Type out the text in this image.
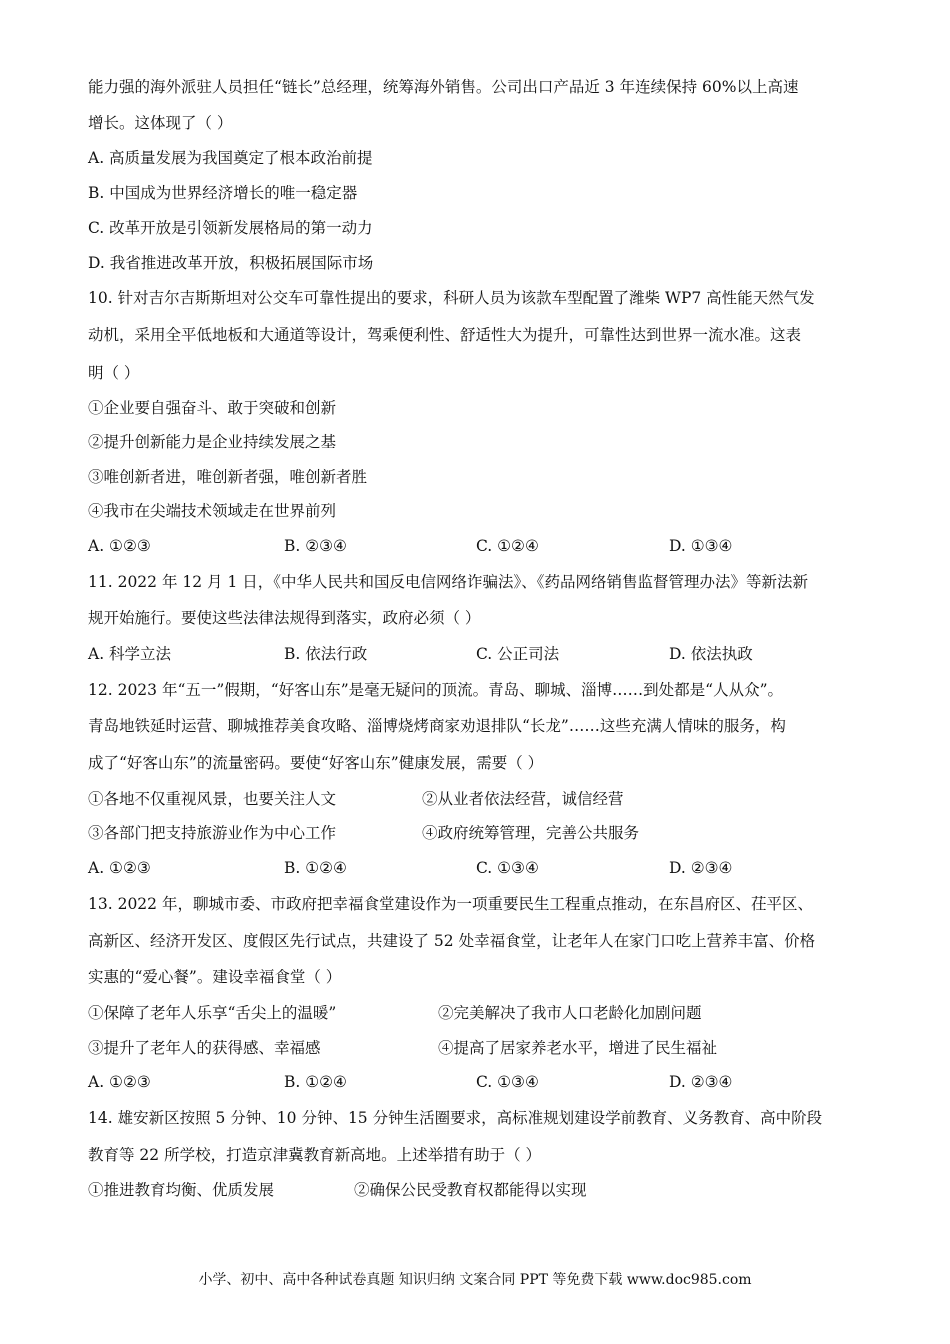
能力强的海外派驻人员担任“链长”总经理，统筹海外销售。公司出口产品近 3 年连续保持 60%以上高速
增长。这体现了（ ）
A. 高质量发展为我国奠定了根本政治前提
B. 中国成为世界经济增长的唯一稳定器
C. 改革开放是引领新发展格局的第一动力
D. 我省推进改革开放，积极拓展国际市场
10. 针对吉尔吉斯斯坦对公交车可靠性提出的要求，科研人员为该款车型配置了潍柴 WP7 高性能天然气发
动机，采用全平低地板和大通道等设计，驾乘便利性、舒适性大为提升，可靠性达到世界一流水准。这表
明（ ）
①企业要自强奋斗、敢于突破和创新
②提升创新能力是企业持续发展之基
③唯创新者进，唯创新者强，唯创新者胜
④我市在尖端技术领域走在世界前列
A. ①②③	B. ②③④	C. ①②④	D. ①③④
11. 2022 年 12 月 1 日，《中华人民共和国反电信网络诈骗法》、《药品网络销售监督管理办法》等新法新
规开始施行。要使这些法律法规得到落实，政府必须（ ）
A. 科学立法	B. 依法行政	C. 公正司法	D. 依法执政
12. 2023 年“五一”假期，“好客山东”是毫无疑问的顶流。青岛、聊城、淄博……到处都是“人从众”。
青岛地铁延时运营、聊城推荐美食攻略、淄博烧烤商家劝退排队“长龙”……这些充满人情味的服务，构
成了“好客山东”的流量密码。要使“好客山东”健康发展，需要（ ）
①各地不仅重视风景，也要关注人文	②从业者依法经营，诚信经营
③各部门把支持旅游业作为中心工作	④政府统筹管理，完善公共服务
A. ①②③	B. ①②④	C. ①③④	D. ②③④
13. 2022 年，聊城市委、市政府把幸福食堂建设作为一项重要民生工程重点推动，在东昌府区、茌平区、
高新区、经济开发区、度假区先行试点，共建设了 52 处幸福食堂，让老年人在家门口吃上营养丰富、价格
实惠的“爱心餐”。建设幸福食堂（ ）
①保障了老年人乐享“舌尖上的温暖”	②完美解决了我市人口老龄化加剧问题
③提升了老年人的获得感、幸福感	④提高了居家养老水平，增进了民生福祉
A. ①②③	B. ①②④	C. ①③④	D. ②③④
14. 雄安新区按照 5 分钟、10 分钟、15 分钟生活圈要求，高标准规划建设学前教育、义务教育、高中阶段
教育等 22 所学校，打造京津冀教育新高地。上述举措有助于（ ）
①推进教育均衡、优质发展	②确保公民受教育权都能得以实现
小学、初中、高中各种试卷真题 知识归纳 文案合同 PPT 等免费下载 www.doc985.com
